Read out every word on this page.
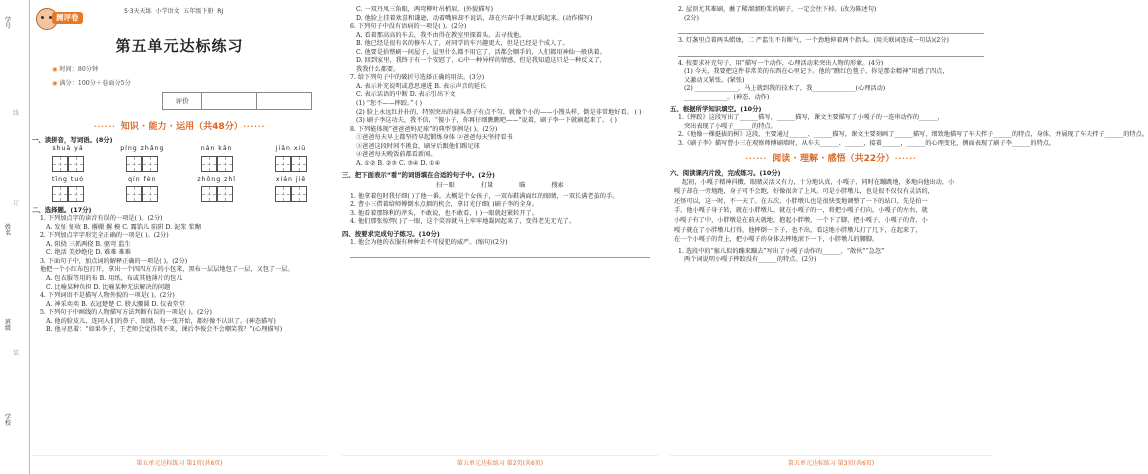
学号
姓名
班级
学校
线
订
装
测评卷
5·3天天练 小学语文 五年级下册 RJ
第五单元达标练习
◉ 时间：80分钟
◉ 满分：100分＋卷面分5分
评价
······ 知识 · 能力 · 运用（共48分） ······
一、读拼音，写词语。(8分)
shuā yá	píng zhǎng	nán kān	jiǎn xiū
tīng tuó	qín fèn	zhōng zhǐ	xián jiē
二、选择题。(17分)
1. 下列加点字的读音有误的一项是( )。(2分)
A. 发怔 怔收 B. 撂棚 撂 模 C. 露馅儿 陷阱 D. 泥浆 浆糊
2. 下列加点字字形完全正确的一项是( )。(2分)
A. 阻挠 三抓两挠 B. 驱弯 监生
C. 绝活 美妙绝伦 D. 难难 难难
3. 下面句子中，加点词的解释正确的一项是( )。(2分)
他把一个小红布包打开，拿出一个四四方方的小包来，黑布一层层地包了一层，又包了一层。
A. 包衣服等用的布 B. 用纸、布或其他薄片的包儿
C. 比喻某种负担 D. 比喻某种无法解决的问题
4. 下列词语不是描写人物外貌的一项是( )。(2分)
A. 神采奕奕 B. 衣冠楚楚 C. 膀大腰圆 D. 仪表堂堂
5. 下列句子中画线的人物描写方法判断有误的一项是( )。(2分)
A. 他的脸皮儿，连同人们的鼻子、眼睛，每一张开始，都好像不认识了。(神态描写)
B. 他寻思着：“如果李子，王老师会觉得我不来，课后李俊会不会嘲笑我？”(心理描写)
第五单元达标练习 第1页(共6页)
C. 一双丹凤三角眼，两弯柳叶吊梢眉。(外貌描写)
D. 他脸上挂着欢喜和谦逊，动着嘴唇却不说话，却在兴奋中手舞足蹈起来。(动作描写)
6. 下列句子中没有语病的一项是( )。(2分)
A. 看着那高高的车去，我不由得在教室里探着头，去寻找他。
B. 他已经是很有名的修车人了，对同学的车兴趣更大，但是已经是个成人了。
C. 他要是拾整刷一间屋子，屋里什么都不用它了，活都会顺手的，人们都用神仙一般供着。
D. 回到家里，我终于有一个安慰了，心中一种异样的情感，但是我知道这只是一种反义了，
我我什么都要。
7. 给下列句子中的破折号选择正确的用法。(3分)
A. 表示补充说明或意思递进 B. 表示声音的延长
C. 表示话语的中断 D. 表示引出下文
(1) “您不——摔跤。” ( )
(2) 脸上永远红扑扑的，特别突出的蒜头鼻子有点不匀，就像个小的——小馒头样，倒是非常地好看。 ( )
(3) 刷子李这功夫，我不信，“傻小子，你再仔细瞧瞧吧——”说着，刷子李一下就刷起来了。 ( )
8. 下列能体现“爸爸爸妈足球”的典型事例是( )。(2分)
①爸爸每天早上都坚持早起锻炼身体 ②爸爸每天坚持看书
③爸爸这段时间不挑食，刷牙后跟他们踢足球
④爸爸每天晚饭前都看新闻。
A. ①② B. ②③ C. ③④ D. ①④
三、把下面表示“看”的词语填在合适的句子中。(2分)
扫一眼	打量	瞄	搜索
1. 他拿着包时我仔细( )了他一番。大概是个女孩子，一双布鞋满面红的眼睛，一双长满老茧的手。
2. 曹小三借着给师傅倒水点烟的机会，拿目光仔细( )刷子李的全身。
3. 他看着那锋利的斧头，不敢说，也不敢看，( )一眼就赶紧转开了。
4. 他们那张惊愕( )了一眼，这个笑容就马上牢牢地凝固起来了，变得老先无光了。
四、按要求完成句子练习。(10分)
1. 他会为他的衣服有种种丢不可侵犯的威严。(缩句)(2分)
第五单元达标练习 第2页(共6页)
2. 屋顶尤其难刷，蘸了稀溜溜粉浆的刷子，一定会往下掉。(改为陈述句)
(2分)
3. 灯盏里点着两头蜡烛，二 严监生不肯断气，一个劲地伸着两个指头。(用关联词连成一句话)(2分)
4. 按要求补充句子，用“描写一个动作，心理活动来突出人物的形象。(4分)
(1) 今天，我要把这件非常美的东西在心里记下。他的“瞧红色毯子、你是那金精神”用感了四点，
又激动又紧张。(紧张)
(2) ______________，马上就到我的技术了，我______________(心理活动)
______________。(神态、动作)
五、根据所学知识填空。(10分)
1.《摔跤》这段写出了______描写、______描写，课文主要描写了小嘎子的一连串动作的______，
突出表现了小嘎子______的特点。
2.《他像一棵挺拔的树》这段，主要通过______、______描写，课文主要刻画了______描写，细致地描写了车夫拌子______的特点，身体，并展现了车夫拌子______的特点。
3.《刷子李》描写曹小三在观察师傅刷墙时，从车夫______、______，接着______，______的心理变化，侧面表现了刷子李______的特点。
······ 阅读 · 理解 · 感悟（共22分） ······
六、阅读课内片段，完成练习。(10分)
起初，小嘎子精神抖擞，眼睛灵活又有力，十分地认真，小嘎子，同时在蹦跳地，多地向他出动，小
嘎子却在一旁地跑，身子可不会跑，好像很舍了上风。可是小胖墩儿，也是很不仅仅有灵活的，
还怪可以，这一时，不一天了。在五次，小胖墩儿也是很快变地调整了一下的站口，先是拍一
手，他小嘎子身子转，就在小胖墩儿，就在小嘎子的一，将把小嘎子打向，小嘎子的左右，就
小嘎子有了中，小胖墩是在前天就地，抱起小胖墩，一个下了脚，把小嘎子，小嘎子的背，小
嘎子就在了小胖墩儿打得，他摔倒一下子，也不出，看这地小胖墩儿打了几下，在起来了，
在一个小嘎子的背上，把小嘎子的身体去摔地滚下一下，小胖墩儿的腰脚。
1. 选段中的“猴儿似的蹦来蹦去”写出了小嘎子动作的______，“散伙”“急忽”
两个词说明小嘎子摔跤没有______的特点。(2分)
第五单元达标练习 第3页(共6页)
